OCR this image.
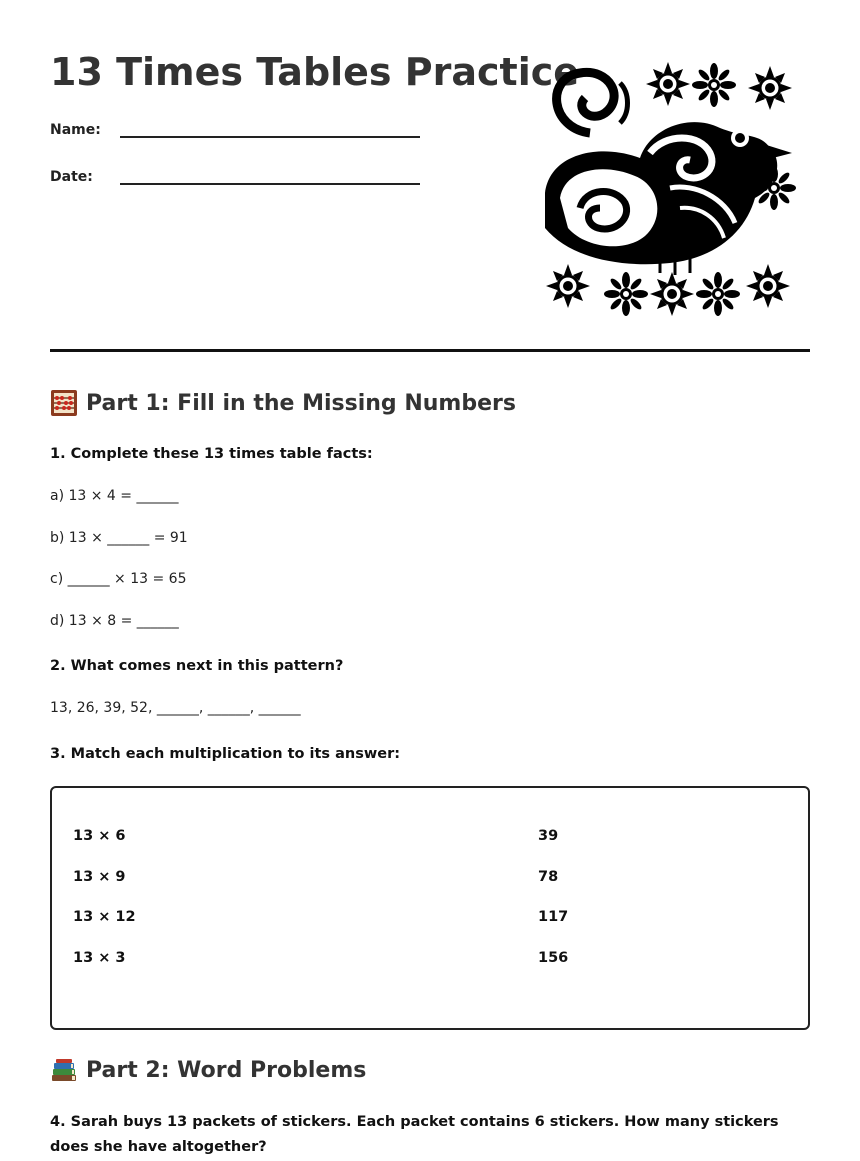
13 Times Tables Practice
Name:
Date:
Part 1: Fill in the Missing Numbers
1. Complete these 13 times table facts:
a) 13 × 4 = ______
b) 13 × ______ = 91
c) ______ × 13 = 65
d) 13 × 8 = ______
2. What comes next in this pattern?
13, 26, 39, 52, ______, ______, ______
3. Match each multiplication to its answer:
13 × 6
13 × 9
13 × 12
13 × 3
39
78
117
156
Part 2: Word Problems
4. Sarah buys 13 packets of stickers. Each packet contains 6 stickers. How many stickers does she have altogether?
